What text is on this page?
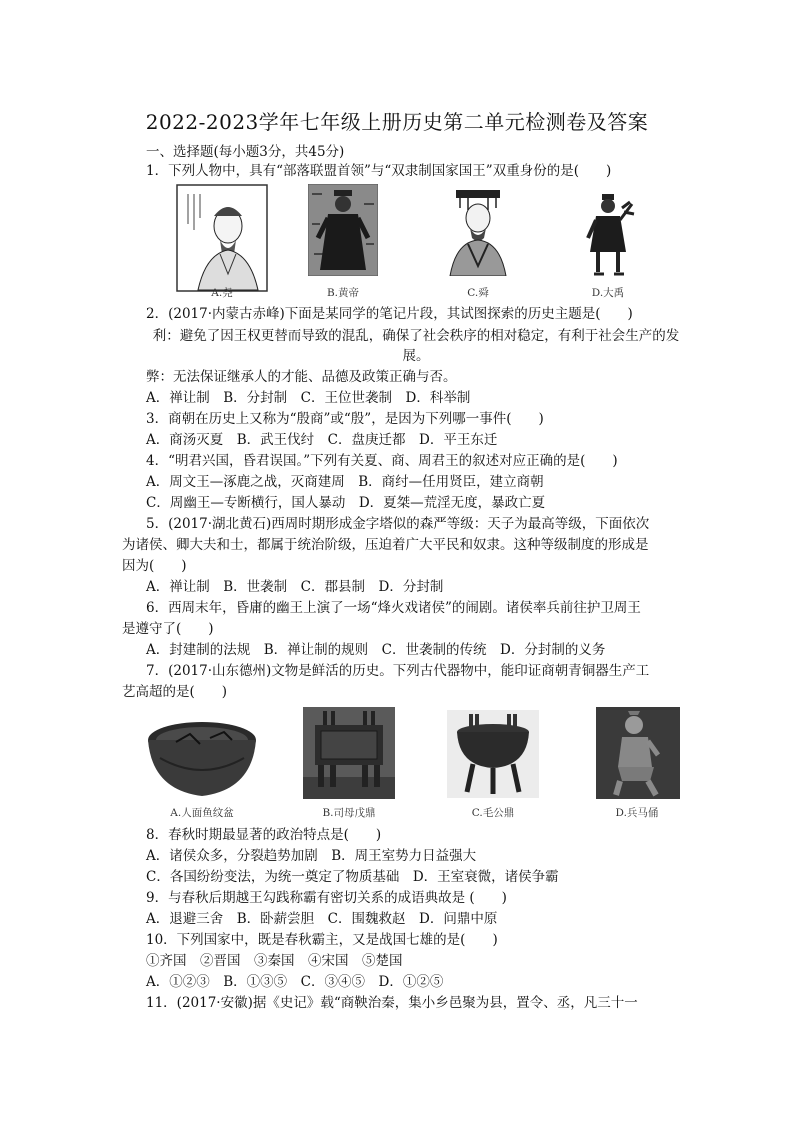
2022-2023学年七年级上册历史第二单元检测卷及答案
一、选择题(每小题3分，共45分)
1．下列人物中，具有“部落联盟首领”与“双隶制国家国王”双重身份的是(　　)
A.尧	B.黄帝	C.舜	D.大禹
2．(2017·内蒙古赤峰)下面是某同学的笔记片段，其试图探索的历史主题是(　　)
利：避免了因王权更替而导致的混乱，确保了社会秩序的相对稳定，有利于社会生产的发展。
弊：无法保证继承人的才能、品德及政策正确与否。
A．禅让制　B．分封制　C．王位世袭制　D．科举制
3．商朝在历史上又称为“殷商”或“殷”，是因为下列哪一事件(　　)
A．商汤灭夏　B．武王伐纣　C．盘庚迁都　D．平王东迁
4．“明君兴国，昏君误国。”下列有关夏、商、周君王的叙述对应正确的是(　　)
A．周文王—涿鹿之战，灭商建周　B．商纣—任用贤臣，建立商朝
C．周幽王—专断横行，国人暴动　D．夏桀—荒淫无度，暴政亡夏
5．(2017·湖北黄石)西周时期形成金字塔似的森严等级：天子为最高等级，下面依次
为诸侯、卿大夫和士，都属于统治阶级，压迫着广大平民和奴隶。这种等级制度的形成是
因为(　　)
A．禅让制　B．世袭制　C．郡县制　D．分封制
6．西周末年，昏庸的幽王上演了一场“烽火戏诸侯”的闹剧。诸侯率兵前往护卫周王
是遵守了(　　)
A．封建制的法规　B．禅让制的规则　C．世袭制的传统　D．分封制的义务
7．(2017·山东德州)文物是鲜活的历史。下列古代器物中，能印证商朝青铜器生产工
艺高超的是(　　)
A.人面鱼纹盆	B.司母戊鼎	C.毛公鼎	D.兵马俑
8．春秋时期最显著的政治特点是(　　)
A．诸侯众多，分裂趋势加剧　B．周王室势力日益强大
C．各国纷纷变法，为统一奠定了物质基础　D．王室衰微，诸侯争霸
9．与春秋后期越王勾践称霸有密切关系的成语典故是 (　　)
A．退避三舍　B．卧薪尝胆　C．围魏救赵　D．问鼎中原
10．下列国家中，既是春秋霸主，又是战国七雄的是(　　)
①齐国　②晋国　③秦国　④宋国　⑤楚国
A．①②③　B．①③⑤　C．③④⑤　D．①②⑤
11．(2017·安徽)据《史记》载“商鞅治秦，集小乡邑聚为县，置令、丞，凡三十一
